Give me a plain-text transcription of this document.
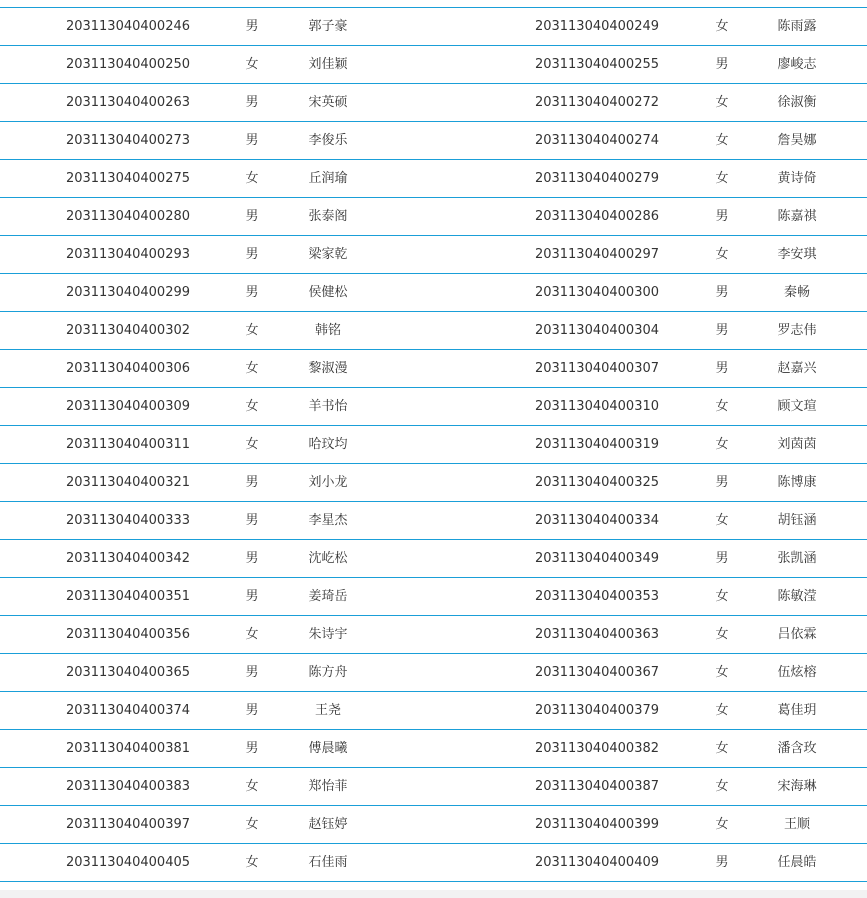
203113040400246	男	郭子豪	203113040400249	女	陈雨露
203113040400250	女	刘佳颖	203113040400255	男	廖峻志
203113040400263	男	宋英硕	203113040400272	女	徐淑衡
203113040400273	男	李俊乐	203113040400274	女	詹昊娜
203113040400275	女	丘润瑜	203113040400279	女	黄诗倚
203113040400280	男	张泰阁	203113040400286	男	陈嘉祺
203113040400293	男	梁家乾	203113040400297	女	李安琪
203113040400299	男	侯健松	203113040400300	男	秦畅
203113040400302	女	韩铭	203113040400304	男	罗志伟
203113040400306	女	黎淑漫	203113040400307	男	赵嘉兴
203113040400309	女	羊书怡	203113040400310	女	顾文瑄
203113040400311	女	哈玟均	203113040400319	女	刘茵茵
203113040400321	男	刘小龙	203113040400325	男	陈博康
203113040400333	男	李星杰	203113040400334	女	胡钰涵
203113040400342	男	沈屹松	203113040400349	男	张凯涵
203113040400351	男	姜琦岳	203113040400353	女	陈敏滢
203113040400356	女	朱诗宇	203113040400363	女	吕依霖
203113040400365	男	陈方舟	203113040400367	女	伍炫榕
203113040400374	男	王尧	203113040400379	女	葛佳玥
203113040400381	男	傅晨曦	203113040400382	女	潘含玫
203113040400383	女	郑怡菲	203113040400387	女	宋海琳
203113040400397	女	赵钰婷	203113040400399	女	王顺
203113040400405	女	石佳雨	203113040400409	男	任晨皓
